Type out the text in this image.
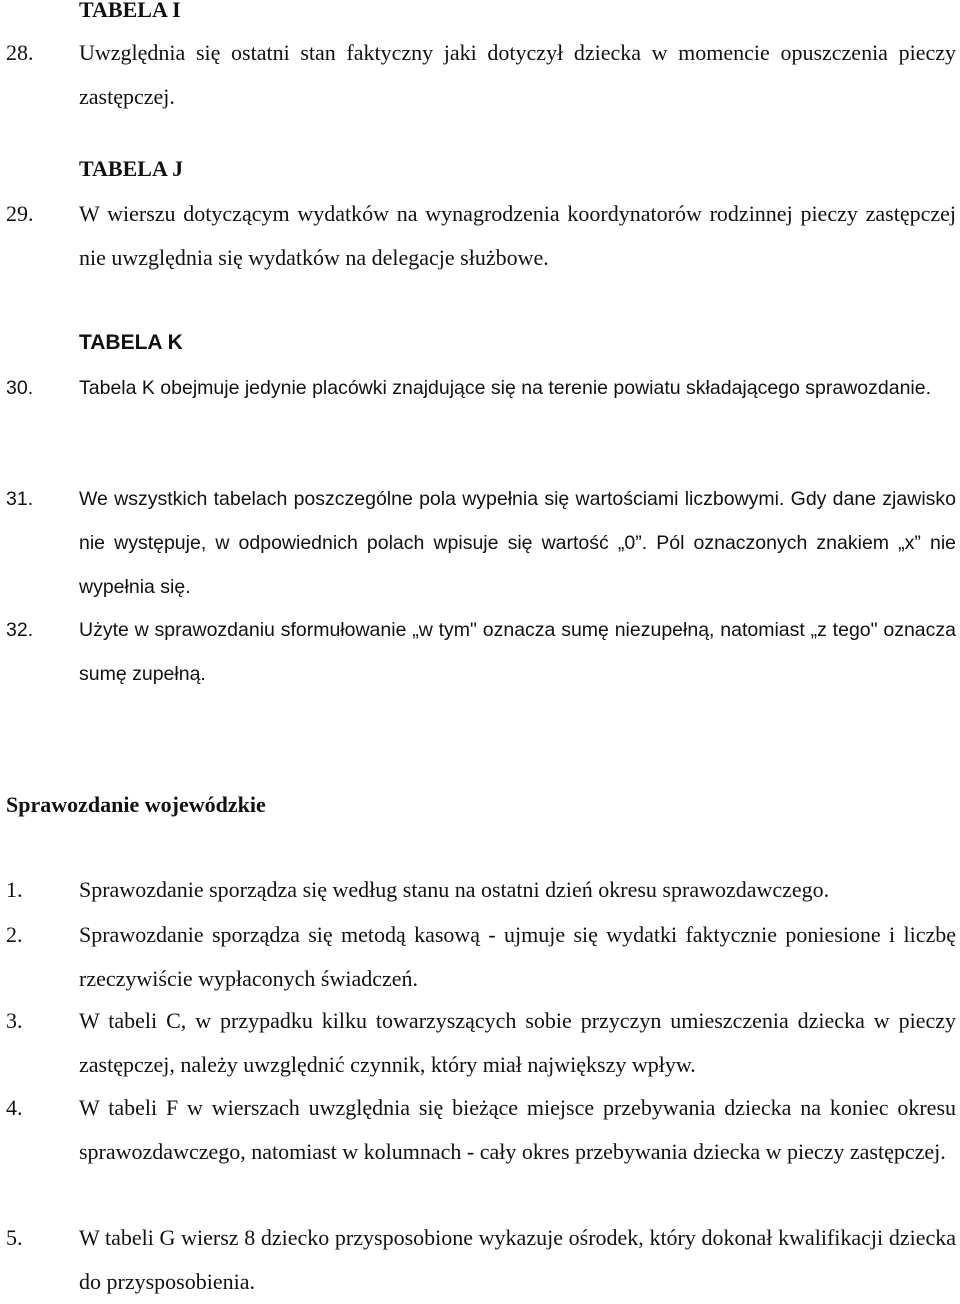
TABELA I
28. Uwzględnia się ostatni stan faktyczny jaki dotyczył dziecka w momencie opuszczenia pieczy zastępczej.
TABELA J
29. W wierszu dotyczącym wydatków na wynagrodzenia koordynatorów rodzinnej pieczy zastępczej nie uwzględnia się wydatków na delegacje służbowe.
TABELA K
30. Tabela K obejmuje jedynie placówki znajdujące się na terenie powiatu składającego sprawozdanie.
31. We wszystkich tabelach poszczególne pola wypełnia się wartościami liczbowymi. Gdy dane zjawisko nie występuje, w odpowiednich polach wpisuje się wartość „0”. Pól oznaczonych znakiem „x” nie wypełnia się.
32. Użyte w sprawozdaniu sformułowanie „w tym" oznacza sumę niezupełną, natomiast „z tego" oznacza sumę zupełną.
Sprawozdanie wojewódzkie
1.	Sprawozdanie sporządza się według stanu na ostatni dzień okresu sprawozdawczego.
2.	Sprawozdanie sporządza się metodą kasową - ujmuje się wydatki faktycznie poniesione i liczbę rzeczywiście wypłaconych świadczeń.
3.	W tabeli C, w przypadku kilku towarzyszących sobie przyczyn umieszczenia dziecka w pieczy zastępczej, należy uwzględnić czynnik, który miał największy wpływ.
4.	W tabeli F w wierszach uwzględnia się bieżące miejsce przebywania dziecka na koniec okresu sprawozdawczego, natomiast w kolumnach - cały okres przebywania dziecka w pieczy zastępczej.
5.	W tabeli G wiersz 8 dziecko przysposobione wykazuje ośrodek, który dokonał kwalifikacji dziecka do przysposobienia.
